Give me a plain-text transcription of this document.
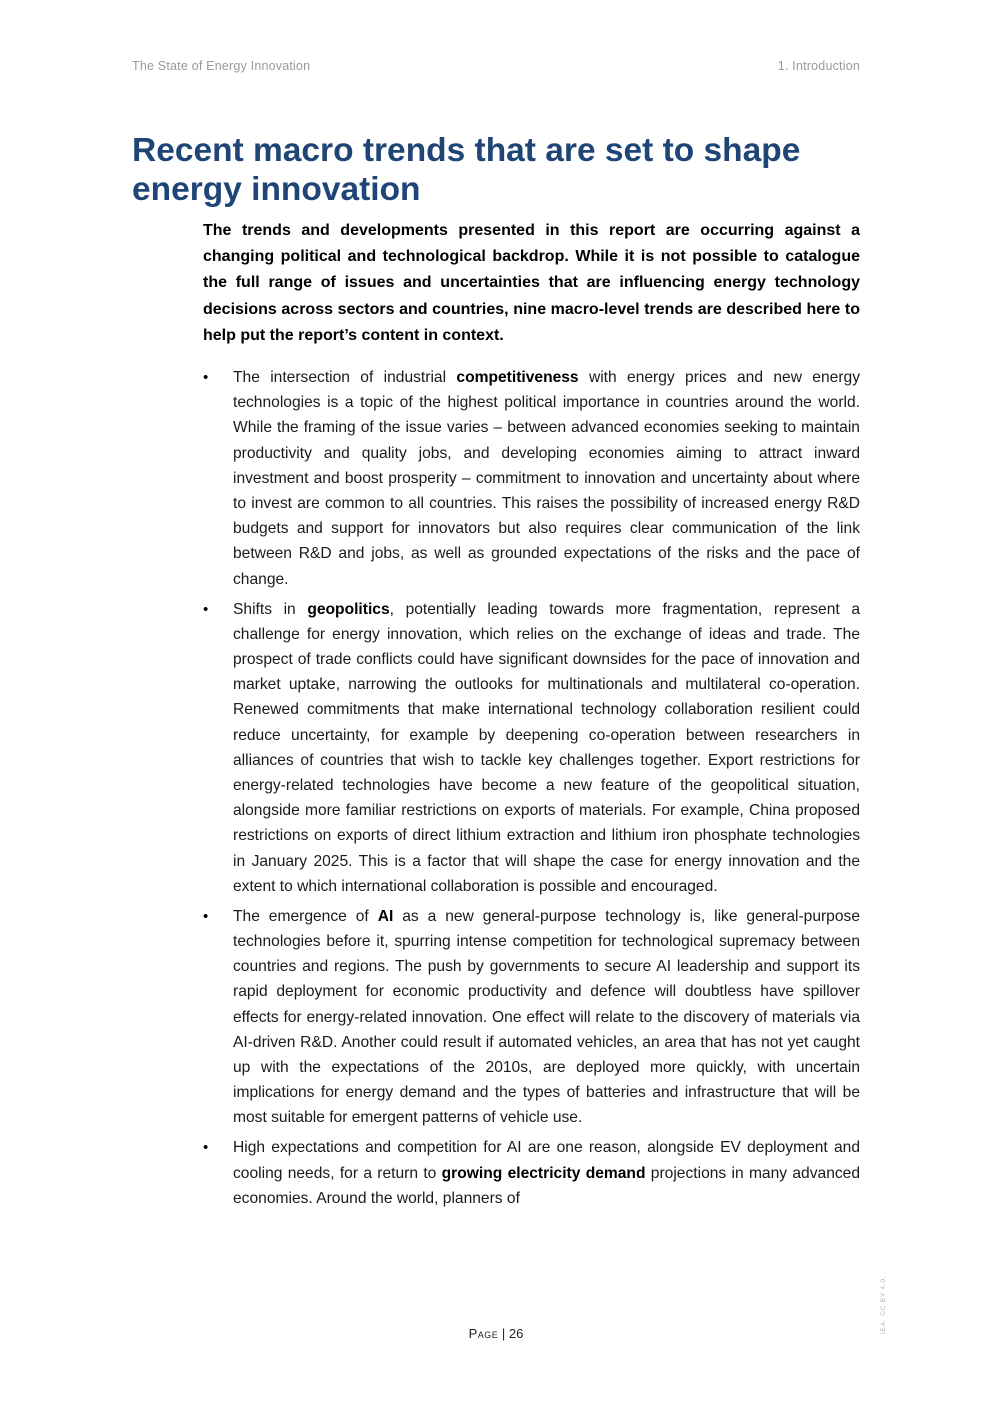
The State of Energy Innovation	1. Introduction
Recent macro trends that are set to shape energy innovation

The trends and developments presented in this report are occurring against a changing political and technological backdrop. While it is not possible to catalogue the full range of issues and uncertainties that are influencing energy technology decisions across sectors and countries, nine macro-level trends are described here to help put the report’s content in context.

• The intersection of industrial competitiveness with energy prices and new energy technologies is a topic of the highest political importance in countries around the world. While the framing of the issue varies – between advanced economies seeking to maintain productivity and quality jobs, and developing economies aiming to attract inward investment and boost prosperity – commitment to innovation and uncertainty about where to invest are common to all countries. This raises the possibility of increased energy R&D budgets and support for innovators but also requires clear communication of the link between R&D and jobs, as well as grounded expectations of the risks and the pace of change.
• Shifts in geopolitics, potentially leading towards more fragmentation, represent a challenge for energy innovation, which relies on the exchange of ideas and trade. The prospect of trade conflicts could have significant downsides for the pace of innovation and market uptake, narrowing the outlooks for multinationals and multilateral co-operation. Renewed commitments that make international technology collaboration resilient could reduce uncertainty, for example by deepening co-operation between researchers in alliances of countries that wish to tackle key challenges together. Export restrictions for energy-related technologies have become a new feature of the geopolitical situation, alongside more familiar restrictions on exports of materials. For example, China proposed restrictions on exports of direct lithium extraction and lithium iron phosphate technologies in January 2025. This is a factor that will shape the case for energy innovation and the extent to which international collaboration is possible and encouraged.
• The emergence of AI as a new general-purpose technology is, like general-purpose technologies before it, spurring intense competition for technological supremacy between countries and regions. The push by governments to secure AI leadership and support its rapid deployment for economic productivity and defence will doubtless have spillover effects for energy-related innovation. One effect will relate to the discovery of materials via AI-driven R&D. Another could result if automated vehicles, an area that has not yet caught up with the expectations of the 2010s, are deployed more quickly, with uncertain implications for energy demand and the types of batteries and infrastructure that will be most suitable for emergent patterns of vehicle use.
• High expectations and competition for AI are one reason, alongside EV deployment and cooling needs, for a return to growing electricity demand projections in many advanced economies. Around the world, planners of
Page | 26	IEA. CC BY 4.0.
